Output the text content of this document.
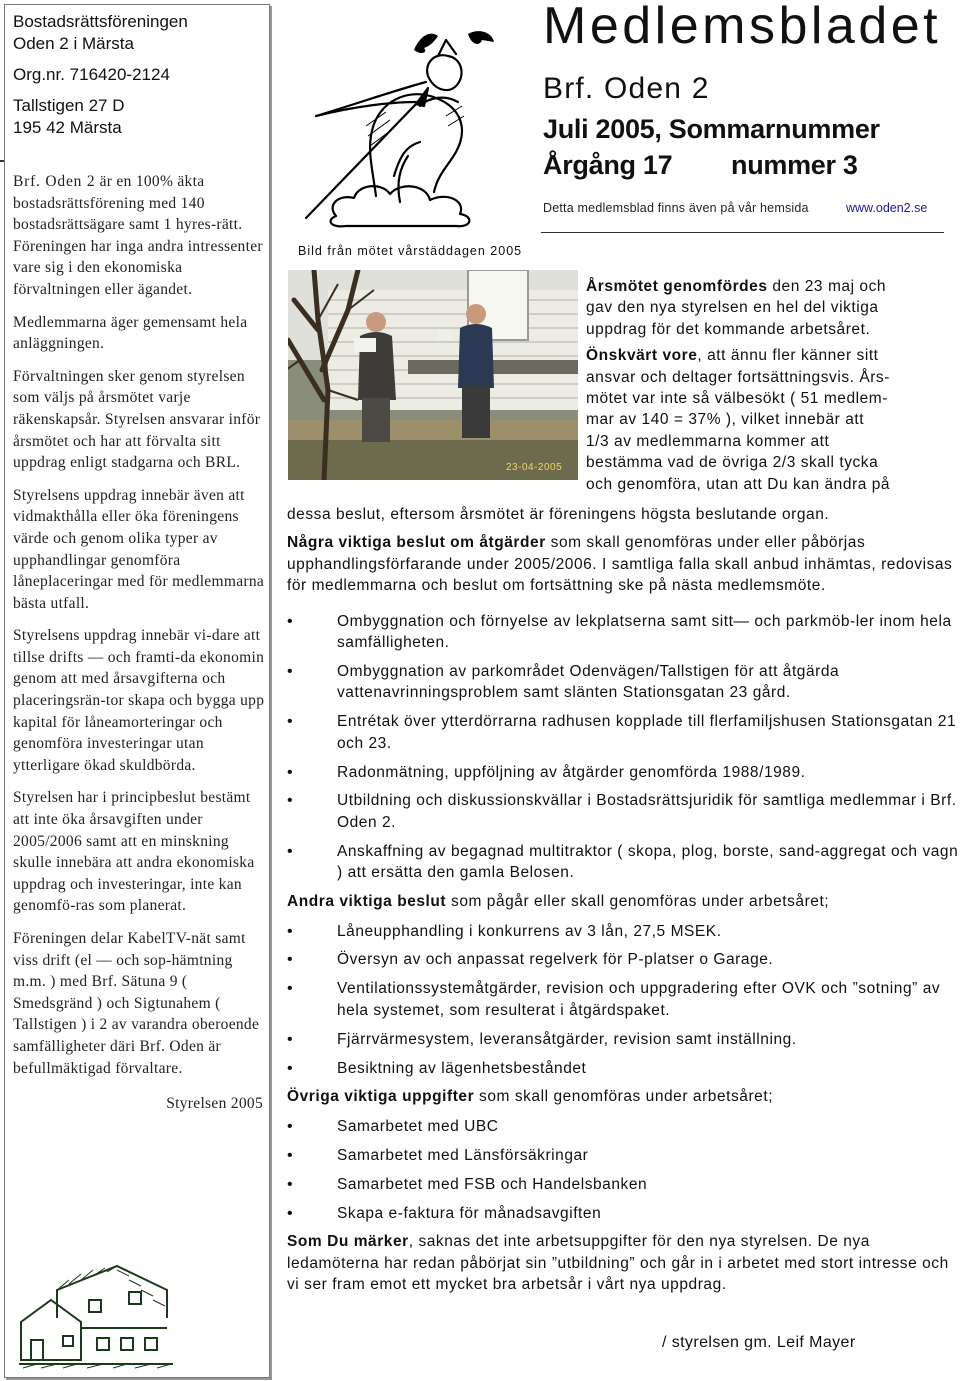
Bostadsrättsföreningen

Oden 2 i Märsta

Org.nr. 716420-2124

Tallstigen 27 D

195 42 Märsta

Brf. Oden 2 är en 100% äkta bostadsrättsförening med 140 bostadsrättsägare samt 1 hyres-rätt. Föreningen har inga andra intressenter vare sig i den ekonomiska förvaltningen eller ägandet.

Medlemmarna äger gemensamt hela anläggningen.

Förvaltningen sker genom styrelsen som väljs på årsmötet varje räkenskapsår. Styrelsen ansvarar inför årsmötet och har att förvalta sitt uppdrag enligt stadgarna och BRL.

Styrelsens uppdrag innebär även att vidmakthålla eller öka föreningens värde och genom olika typer av upphandlingar genomföra låneplaceringar med för medlemmarna bästa utfall.

Styrelsens uppdrag innebär vi-dare att tillse drifts — och framti-da ekonomin genom att med årsavgifterna och placeringsrän-tor skapa och bygga upp kapital för låneamorteringar och genomföra investeringar utan ytterligare ökad skuldbörda.

Styrelsen har i principbeslut bestämt att inte öka årsavgiften under 2005/2006 samt att en minskning skulle innebära att andra ekonomiska uppdrag och investeringar, inte kan genomfö-ras som planerat.

Föreningen delar KabelTV-nät samt viss drift (el — och sop-hämtning m.m. ) med Brf. Sätuna 9 ( Smedsgränd ) och Sigtunahem ( Tallstigen ) i 2 av varandra oberoende samfälligheter däri Brf. Oden är befullmäktigad förvaltare.

Styrelsen 2005

Bild från mötet vårstäddagen 2005
Medlemsbladet
Brf. Oden 2
Juli 2005, Sommarnummer
Årgång 17 nummer 3
Detta medlemsblad finns även på vår hemsida	www.oden2.se
23-04-2005

Årsmötet genomfördes den 23 maj och

gav den nya styrelsen en hel del viktiga

uppdrag för det kommande arbetsåret.

Önskvärt vore, att ännu fler känner sitt

ansvar och deltager fortsättningsvis. Års-

mötet var inte så välbesökt ( 51 medlem-

mar av 140 = 37% ), vilket innebär att

1/3 av medlemmarna kommer att

bestämma vad de övriga 2/3 skall tycka

och genomföra, utan att Du kan ändra på

dessa beslut, eftersom årsmötet är föreningens högsta beslutande organ.

Några viktiga beslut om åtgärder som skall genomföras under eller påbörjas upphandlingsförfarande under 2005/2006. I samtliga falla skall anbud inhämtas, redovisas för medlemmarna och beslut om fortsättning ske på nästa medlemsmöte.

• Ombyggnation och förnyelse av lekplatserna samt sitt— och parkmöb-ler inom hela samfälligheten.
• Ombyggnation av parkområdet Odenvägen/Tallstigen för att åtgärda vattenavrinningsproblem samt slänten Stationsgatan 23 gård.
• Entrétak över ytterdörrarna radhusen kopplade till flerfamiljshusen Stationsgatan 21 och 23.
• Radonmätning, uppföljning av åtgärder genomförda 1988/1989.
• Utbildning och diskussionskvällar i Bostadsrättsjuridik för samtliga medlemmar i Brf. Oden 2.
• Anskaffning av begagnad multitraktor ( skopa, plog, borste, sand-aggregat och vagn ) att ersätta den gamla Belosen.

Andra viktiga beslut som pågår eller skall genomföras under arbetsåret;

• Låneupphandling i konkurrens av 3 lån, 27,5 MSEK.
• Översyn av och anpassat regelverk för P-platser o Garage.
• Ventilationssystemåtgärder, revision och uppgradering efter OVK och ”sotning” av hela systemet, som resulterat i åtgärdspaket.
• Fjärrvärmesystem, leveransåtgärder, revision samt inställning.
• Besiktning av lägenhetsbeståndet

Övriga viktiga uppgifter som skall genomföras under arbetsåret;

• Samarbetet med UBC
• Samarbetet med Länsförsäkringar
• Samarbetet med FSB och Handelsbanken
• Skapa e-faktura för månadsavgiften

Som Du märker, saknas det inte arbetsuppgifter för den nya styrelsen. De nya ledamöterna har redan påbörjat sin ”utbildning” och går in i arbetet med stort intresse och vi ser fram emot ett mycket bra arbetsår i vårt nya uppdrag.

/ styrelsen gm. Leif Mayer
